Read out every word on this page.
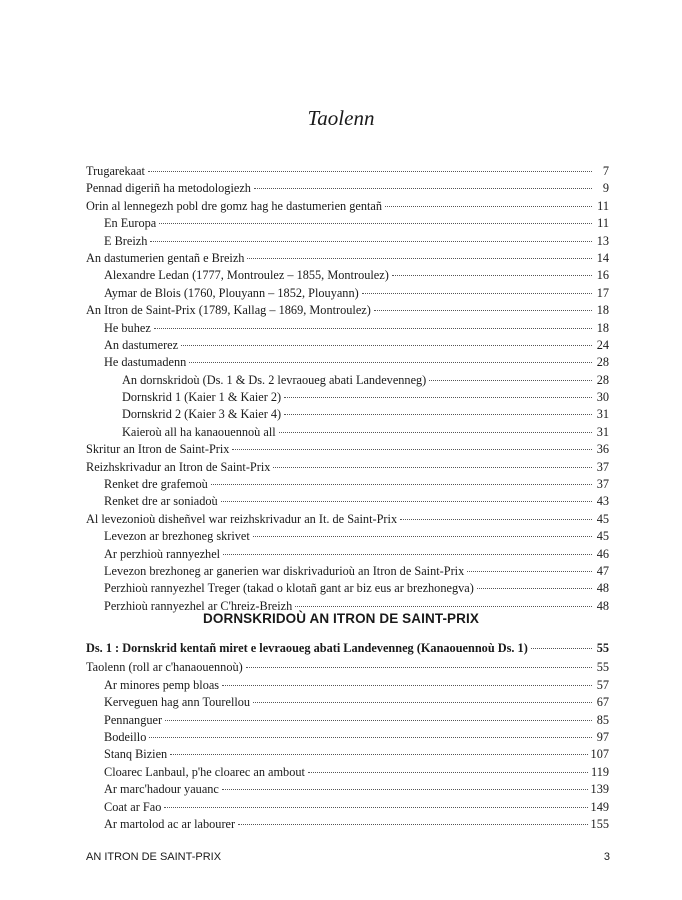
Taolenn
Trugarekaat	7
Pennad digeriñ ha metodologiezh	9
Orin al lennegezh pobl dre gomz hag he dastumerien gentañ	11
En Europa	11
E Breizh	13
An dastumerien gentañ e Breizh	14
Alexandre Ledan (1777, Montroulez – 1855, Montroulez)	16
Aymar de Blois (1760, Plouyann – 1852, Plouyann)	17
An Itron de Saint-Prix (1789, Kallag – 1869, Montroulez)	18
He buhez	18
An dastumerez	24
He dastumadenn	28
An dornskridoù (Ds. 1 & Ds. 2 levraoueg abati Landevenneg)	28
Dornskrid 1 (Kaier 1 & Kaier 2)	30
Dornskrid 2 (Kaier 3 & Kaier 4)	31
Kaieroù all ha kanaouennoù all	31
Skritur an Itron de Saint-Prix	36
Reizhskrivadur an Itron de Saint-Prix	37
Renket dre grafemoù	37
Renket dre ar soniadoù	43
Al levezonioù disheñvel war reizhskrivadur an It. de Saint-Prix	45
Levezon ar brezhoneg skrivet	45
Ar perzhioù rannyezhel	46
Levezon brezhoneg ar ganerien war diskrivadurioù an Itron de Saint-Prix	47
Perzhioù rannyezhel Treger (takad o klotañ gant ar biz eus ar brezhonegva)	48
Perzhioù rannyezhel ar C'hreiz-Breizh	48
DORNSKRIDOÙ AN ITRON DE SAINT-PRIX
Ds. 1 : Dornskrid kentañ miret e levraoueg abati Landevenneg (Kanaouennoù Ds. 1)	55
Taolenn (roll ar c'hanaouennoù)	55
Ar minores pemp bloas	57
Kerveguen hag ann Tourellou	67
Pennanguer	85
Bodeillo	97
Stanq Bizien	107
Cloarec Lanbaul, p'he cloarec an ambout	119
Ar marc'hadour yauanc	139
Coat ar Fao	149
Ar martolod ac ar labourer	155
AN ITRON DE SAINT-PRIX	3
